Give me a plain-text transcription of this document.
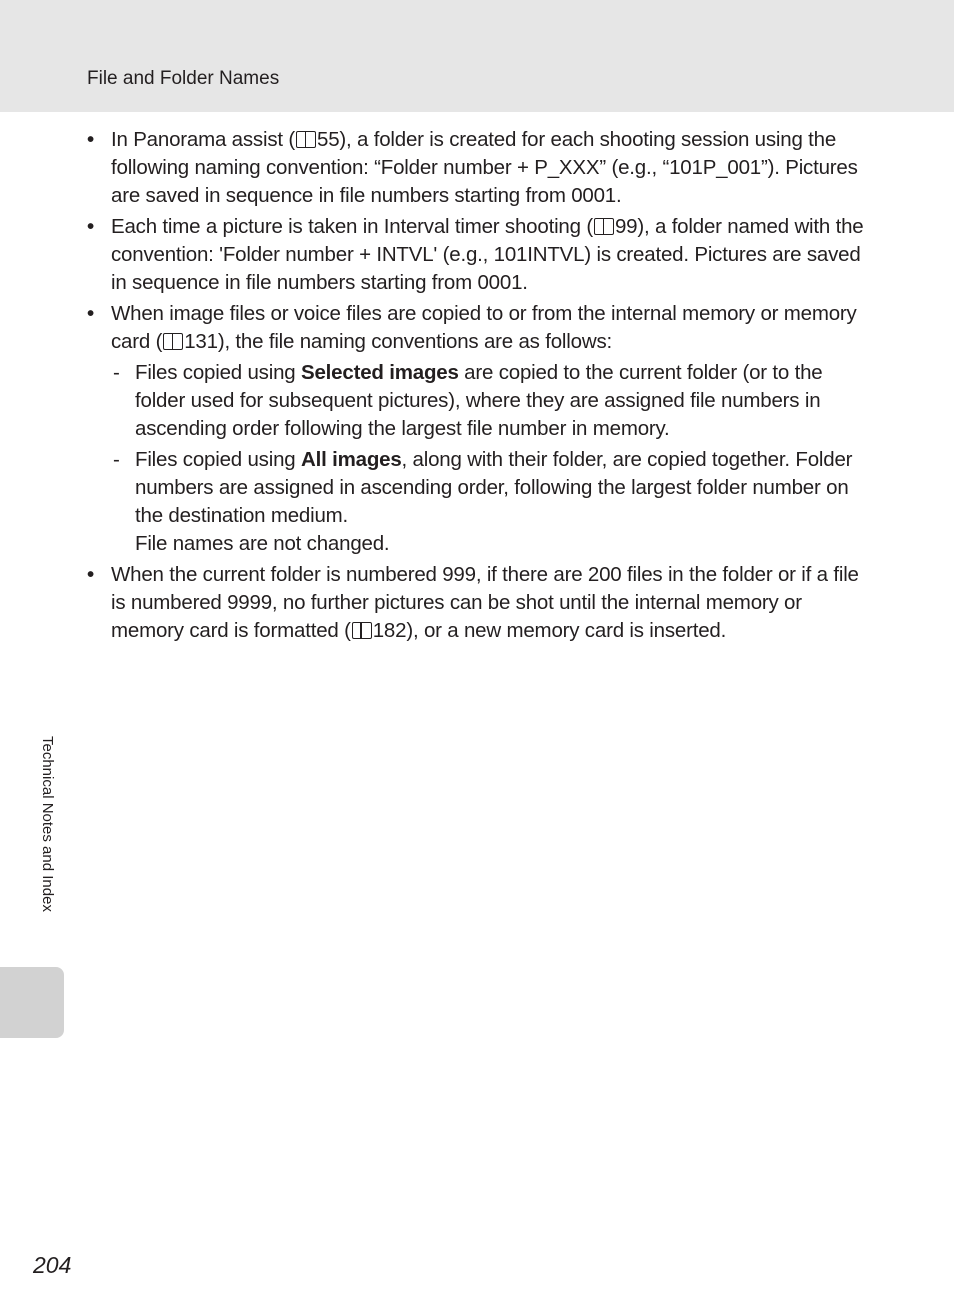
File and Folder Names
• In Panorama assist ( 55), a folder is created for each shooting session using the following naming convention: “Folder number + P_XXX” (e.g., “101P_001”). Pictures are saved in sequence in file numbers starting from 0001.
• Each time a picture is taken in Interval timer shooting ( 99), a folder named with the convention: 'Folder number + INTVL' (e.g., 101INTVL) is created. Pictures are saved in sequence in file numbers starting from 0001.
• When image files or voice files are copied to or from the internal memory or memory card ( 131), the file naming conventions are as follows:
- Files copied using Selected images are copied to the current folder (or to the folder used for subsequent pictures), where they are assigned file numbers in ascending order following the largest file number in memory.
- Files copied using All images, along with their folder, are copied together. Folder numbers are assigned in ascending order, following the largest folder number on the destination medium.
File names are not changed.
• When the current folder is numbered 999, if there are 200 files in the folder or if a file is numbered 9999, no further pictures can be shot until the internal memory or memory card is formatted ( 182), or a new memory card is inserted.
Technical Notes and Index
204
